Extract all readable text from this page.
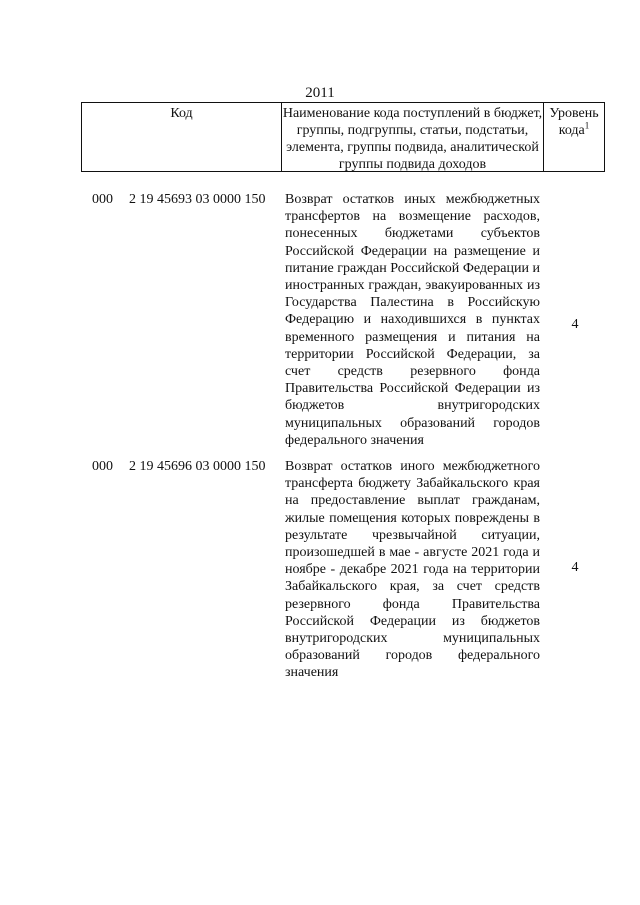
2011
Код	Наименование кода поступлений в бюджет, группы, подгруппы, статьи, подстатьи, элемента, группы подвида, аналитической группы подвида доходов
Уровень кода$^1$
000 2 19 45693 03 0000 150 Возврат остатков иных межбюджетных трансфертов на возмещение расходов, понесенных бюджетами субъектов Российской Федерации на размещение и питание граждан Российской Федерации и иностранных граждан, эвакуированных из Государства Палестина в Российскую Федерацию и находившихся в пунктах временного размещения и питания на территории Российской Федерации, за счет средств резервного фонда Правительства Российской Федерации из бюджетов внутригородских муниципальных образований городов федерального значения
4
000 2 19 45696 03 0000 150 Возврат остатков иного межбюджетного трансферта бюджету Забайкальского края на предоставление выплат гражданам, жилые помещения которых повреждены в результате чрезвычайной ситуации, произошедшей в мае - августе 2021 года и ноябре - декабре 2021 года на территории Забайкальского края, за счет средств резервного фонда Правительства Российской Федерации из бюджетов внутригородских муниципальных образований городов федерального значения
4
